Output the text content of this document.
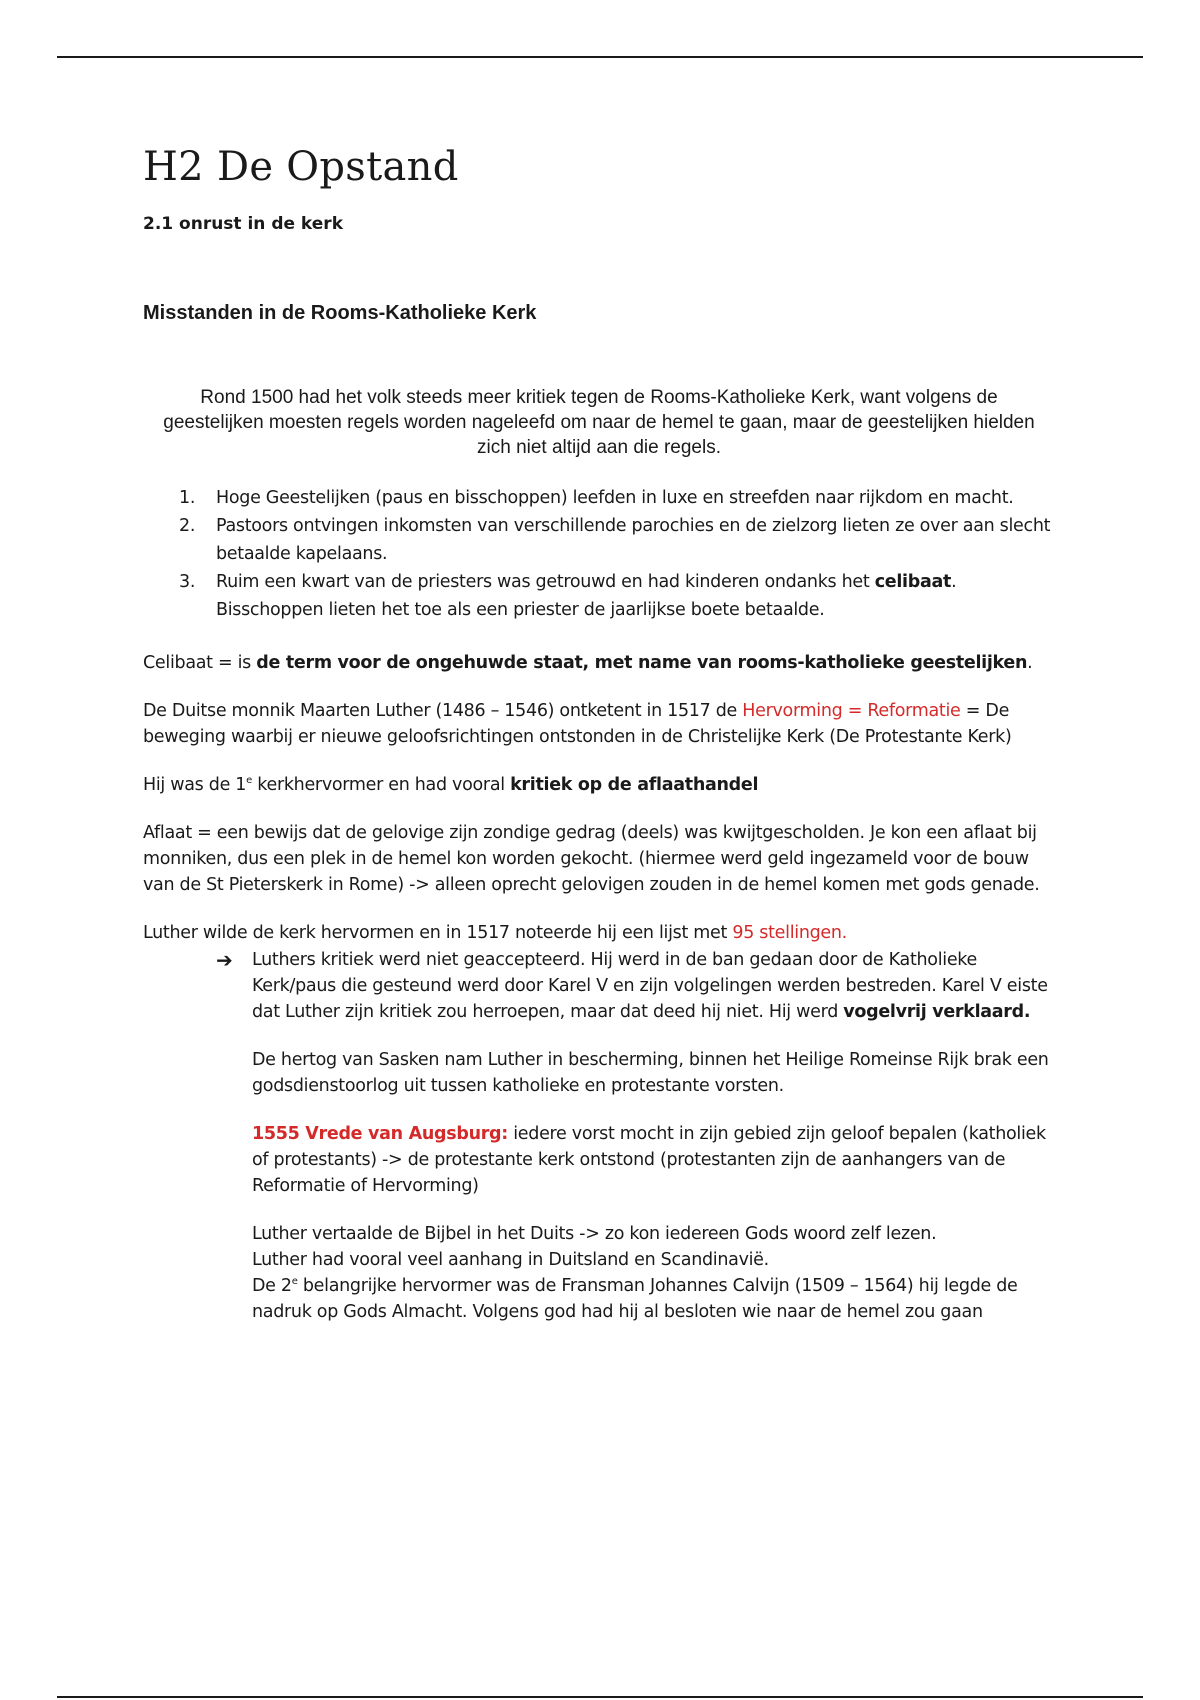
H2 De Opstand
2.1 onrust in de kerk
Misstanden in de Rooms-Katholieke Kerk
Rond 1500 had het volk steeds meer kritiek tegen de Rooms-Katholieke Kerk, want volgens de geestelijken moesten regels worden nageleefd om naar de hemel te gaan, maar de geestelijken hielden zich niet altijd aan die regels.
1. Hoge Geestelijken (paus en bisschoppen) leefden in luxe en streefden naar rijkdom en macht.
2. Pastoors ontvingen inkomsten van verschillende parochies en de zielzorg lieten ze over aan slecht betaalde kapelaans.
3. Ruim een kwart van de priesters was getrouwd en had kinderen ondanks het celibaat. Bisschoppen lieten het toe als een priester de jaarlijkse boete betaalde.
Celibaat = is de term voor de ongehuwde staat, met name van rooms-katholieke geestelijken.
De Duitse monnik Maarten Luther (1486 – 1546) ontketent in 1517 de Hervorming = Reformatie = De beweging waarbij er nieuwe geloofsrichtingen ontstonden in de Christelijke Kerk (De Protestante Kerk)
Hij was de 1e kerkhervormer en had vooral kritiek op de aflaathandel
Aflaat = een bewijs dat de gelovige zijn zondige gedrag (deels) was kwijtgescholden. Je kon een aflaat bij monniken, dus een plek in de hemel kon worden gekocht. (hiermee werd geld ingezameld voor de bouw van de St Pieterskerk in Rome) -> alleen oprecht gelovigen zouden in de hemel komen met gods genade.
Luther wilde de kerk hervormen en in 1517 noteerde hij een lijst met 95 stellingen.
➔ Luthers kritiek werd niet geaccepteerd. Hij werd in de ban gedaan door de Katholieke Kerk/paus die gesteund werd door Karel V en zijn volgelingen werden bestreden. Karel V eiste dat Luther zijn kritiek zou herroepen, maar dat deed hij niet. Hij werd vogelvrij verklaard.
De hertog van Sasken nam Luther in bescherming, binnen het Heilige Romeinse Rijk brak een godsdienstoorlog uit tussen katholieke en protestante vorsten.
1555 Vrede van Augsburg: iedere vorst mocht in zijn gebied zijn geloof bepalen (katholiek of protestants) -> de protestante kerk ontstond (protestanten zijn de aanhangers van de Reformatie of Hervorming)
Luther vertaalde de Bijbel in het Duits -> zo kon iedereen Gods woord zelf lezen.
Luther had vooral veel aanhang in Duitsland en Scandinavië.
De 2e belangrijke hervormer was de Fransman Johannes Calvijn (1509 – 1564) hij legde de nadruk op Gods Almacht. Volgens god had hij al besloten wie naar de hemel zou gaan
